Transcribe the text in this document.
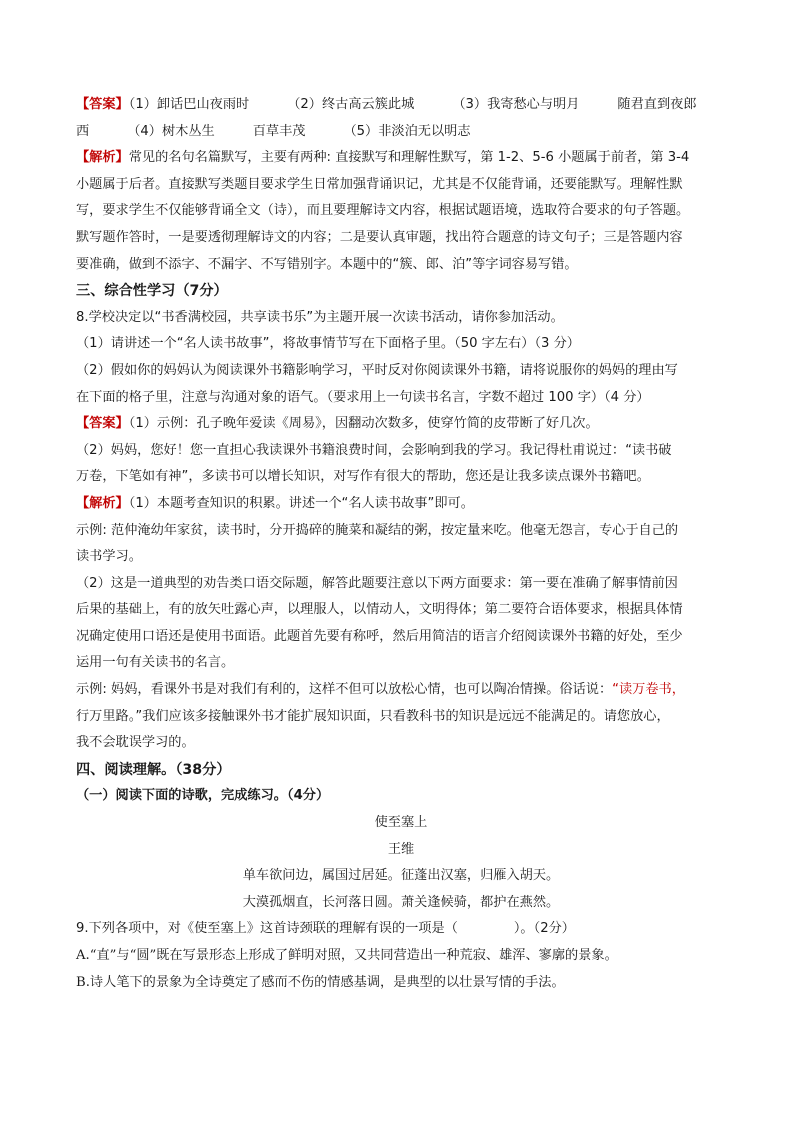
【答案】（1）卸话巴山夜雨时	（2）终古高云簇此城	（3）我寄愁心与明月	随君直到夜郎
西	（4）树木丛生	百草丰茂	（5）非淡泊无以明志
【解析】常见的名句名篇默写，主要有两种: 直接默写和理解性默写，第 1-2、5-6 小题属于前者，第 3-4
小题属于后者。直接默写类题目要求学生日常加强背诵识记，尤其是不仅能背诵，还要能默写。理解性默
写，要求学生不仅能够背诵全文（诗），而且要理解诗文内容，根据试题语境，选取符合要求的句子答题。
默写题作答时，一是要透彻理解诗文的内容；二是要认真审题，找出符合题意的诗文句子；三是答题内容
要准确，做到不添字、不漏字、不写错别字。本题中的“簇、郎、泊”等字词容易写错。
三、综合性学习（7分）
8.学校决定以“书香满校园，共享读书乐”为主题开展一次读书活动，请你参加活动。
（1）请讲述一个“名人读书故事”，将故事情节写在下面格子里。（50 字左右）（3 分）
（2）假如你的妈妈认为阅读课外书籍影响学习，平时反对你阅读课外书籍，请将说服你的妈妈的理由写
在下面的格子里，注意与沟通对象的语气。（要求用上一句读书名言，字数不超过 100 字）（4 分）
【答案】（1）示例：孔子晚年爱读《周易》，因翻动次数多，使穿竹简的皮带断了好几次。
（2）妈妈，您好！您一直担心我读课外书籍浪费时间，会影响到我的学习。我记得杜甫说过：“读书破
万卷，下笔如有神”，多读书可以增长知识，对写作有很大的帮助，您还是让我多读点课外书籍吧。
【解析】（1）本题考查知识的积累。讲述一个“名人读书故事”即可。
示例: 范仲淹幼年家贫，读书时，分开捣碎的腌菜和凝结的粥，按定量来吃。他毫无怨言，专心于自己的
读书学习。
（2）这是一道典型的劝告类口语交际题，解答此题要注意以下两方面要求：第一要在准确了解事情前因
后果的基础上，有的放矢吐露心声，以理服人，以情动人，文明得体；第二要符合语体要求，根据具体情
况确定使用口语还是使用书面语。此题首先要有称呼，然后用简洁的语言介绍阅读课外书籍的好处，至少
运用一句有关读书的名言。
示例: 妈妈，看课外书是对我们有利的，这样不但可以放松心情，也可以陶冶情操。俗话说：“读万卷书，
行万里路。”我们应该多接触课外书才能扩展知识面，只看教科书的知识是远远不能满足的。请您放心，
我不会耽误学习的。
四、阅读理解。（38分）
（一）阅读下面的诗歌，完成练习。（4分）
使至塞上
王维
单车欲问边，属国过居延。征蓬出汉塞，归雁入胡天。
大漠孤烟直，长河落日圆。萧关逢候骑，都护在燕然。
9.下列各项中，对《使至塞上》这首诗颈联的理解有误的一项是（	）。（2分）
A.“直”与“圆”既在写景形态上形成了鲜明对照，又共同营造出一种荒寂、雄浑、寥廓的景象。
B.诗人笔下的景象为全诗奠定了感而不伤的情感基调，是典型的以壮景写情的手法。
